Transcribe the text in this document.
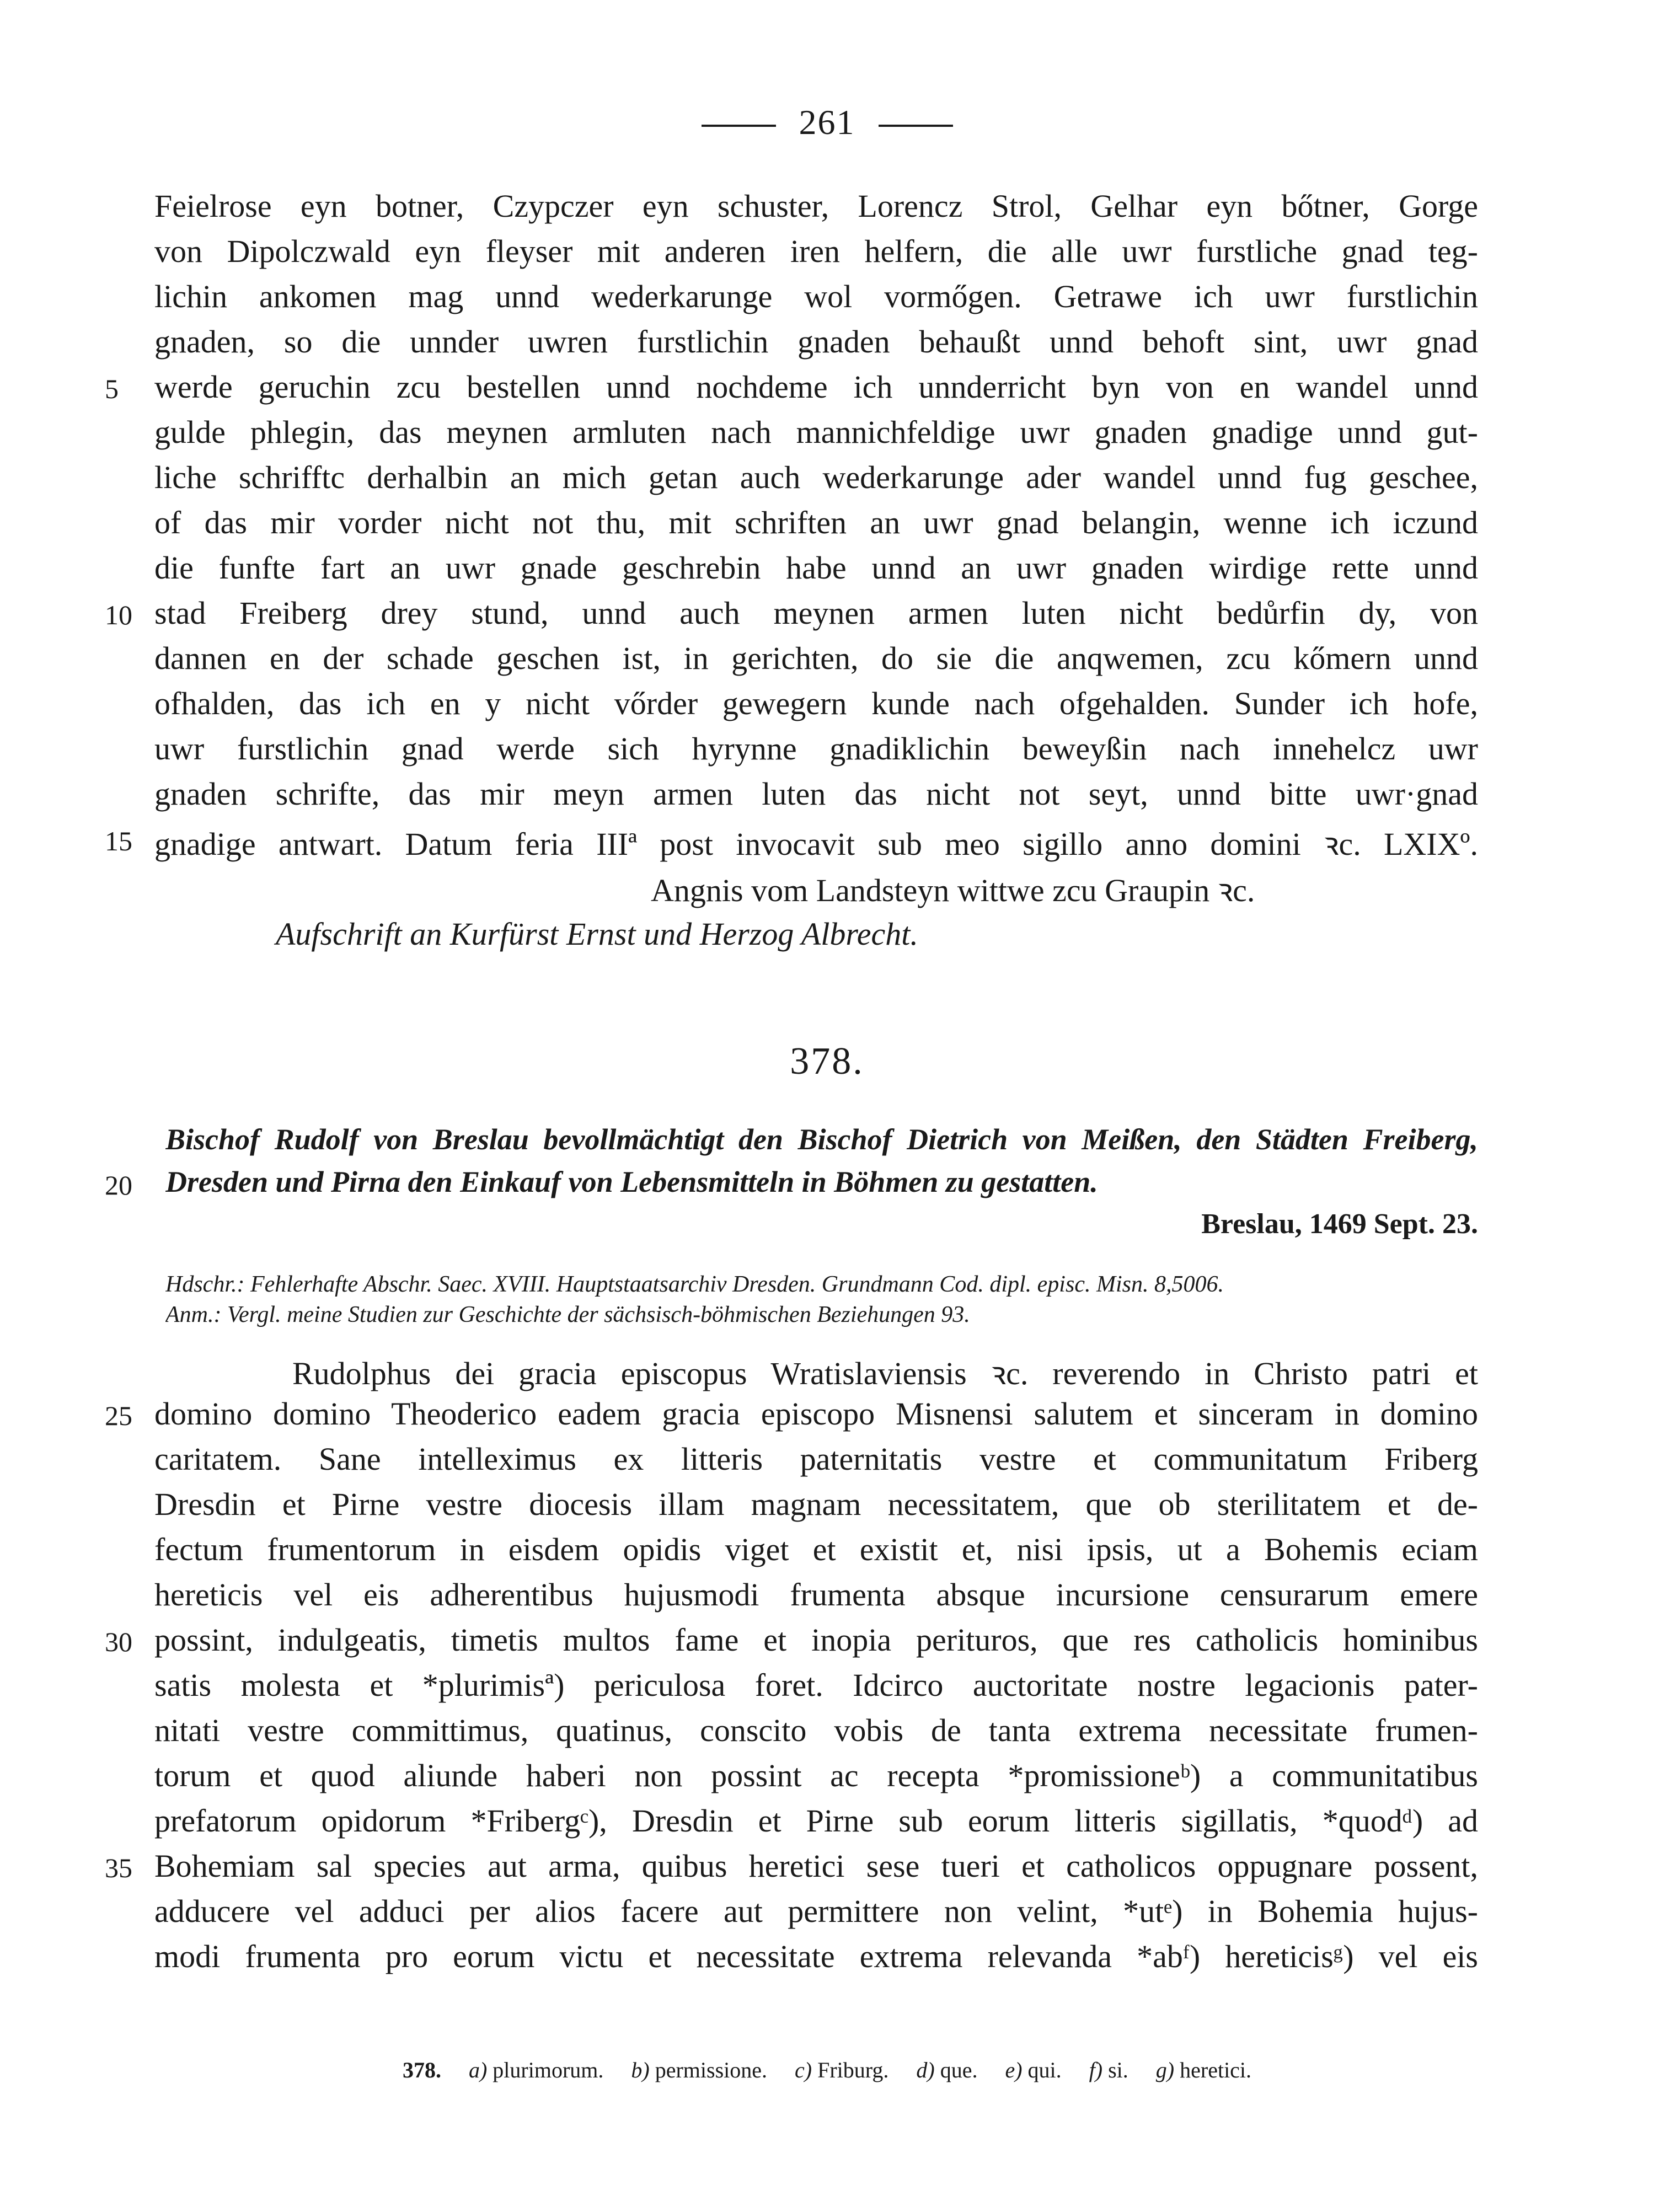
261
Feielrose eyn botner, Czypczer eyn schuster, Lorencz Strol, Gelhar eyn bőtner, Gorge
von Dipolczwald eyn fleyser mit anderen iren helfern, die alle uwr furstliche gnad teg-
lichin ankomen mag unnd wederkarunge wol vormőgen. Getrawe ich uwr furstlichin
gnaden, so die unnder uwren furstlichin gnaden behaußt unnd behoft sint, uwr gnad
5	werde geruchin zcu bestellen unnd nochdeme ich unnderricht byn von en wandel unnd
gulde phlegin, das meynen armluten nach mannichfeldige uwr gnaden gnadige unnd gut-
liche schrifftc derhalbin an mich getan auch wederkarunge ader wandel unnd fug geschee,
of das mir vorder nicht not thu, mit schriften an uwr gnad belangin, wenne ich iczund
die funfte fart an uwr gnade geschrebin habe unnd an uwr gnaden wirdige rette unnd
10 stad Freiberg drey stund, unnd auch meynen armen luten nicht bedůrfin dy, von
dannen en der schade geschen ist, in gerichten, do sie die anqwemen, zcu kőmern unnd
ofhalden, das ich en y nicht vőrder gewegern kunde nach ofgehalden. Sunder ich hofe,
uwr furstlichin gnad werde sich hyrynne gnadiklichin beweyßin nach innehelcz uwr
gnaden schrifte, das mir meyn armen luten das nicht not seyt, unnd bitte uwr·gnad
15 gnadige antwart. Datum feria IIIª post invocavit sub meo sigillo anno domini ꝛc. LXIXº.
Angnis vom Landsteyn wittwe zcu Graupin ꝛc.
Aufschrift an Kurfürst Ernst und Herzog Albrecht.
378.
Bischof Rudolf von Breslau bevollmächtigt den Bischof Dietrich von Meißen, den Städten Freiberg,
20	Dresden und Pirna den Einkauf von Lebensmitteln in Böhmen zu gestatten.
Breslau, 1469 Sept. 23.
Hdschr.: Fehlerhafte Abschr. Saec. XVIII. Hauptstaatsarchiv Dresden. Grundmann Cod. dipl. episc. Misn. 8,5006.
Anm.: Vergl. meine Studien zur Geschichte der sächsisch-böhmischen Beziehungen 93.
Rudolphus dei gracia episcopus Wratislaviensis ꝛc. reverendo in Christo patri et
25 domino domino Theoderico eadem gracia episcopo Misnensi salutem et sinceram in domino
caritatem. Sane intelleximus ex litteris paternitatis vestre et communitatum Friberg
Dresdin et Pirne vestre diocesis illam magnam necessitatem, que ob sterilitatem et de-
fectum frumentorum in eisdem opidis viget et existit et, nisi ipsis, ut a Bohemis eciam
hereticis vel eis adherentibus hujusmodi frumenta absque incursione censurarum emere
30 possint, indulgeatis, timetis multos fame et inopia perituros, que res catholicis hominibus
satis molesta et *plurimisª) periculosa foret. Idcirco auctoritate nostre legacionis pater-
nitati vestre committimus, quatinus, conscito vobis de tanta extrema necessitate frumen-
torum et quod aliunde haberi non possint ac recepta *promissioneᵇ) a communitatibus
prefatorum opidorum *Fribergᶜ), Dresdin et Pirne sub eorum litteris sigillatis, *quodᵈ) ad
35 Bohemiam sal species aut arma, quibus heretici sese tueri et catholicos oppugnare possent,
adducere vel adduci per alios facere aut permittere non velint, *utᵉ) in Bohemia hujus-
modi frumenta pro eorum victu et necessitate extrema relevanda *abᶠ) hereticisᵍ) vel eis
378. a) plurimorum. b) permissione. c) Friburg. d) que. e) qui. f) si. g) heretici.
